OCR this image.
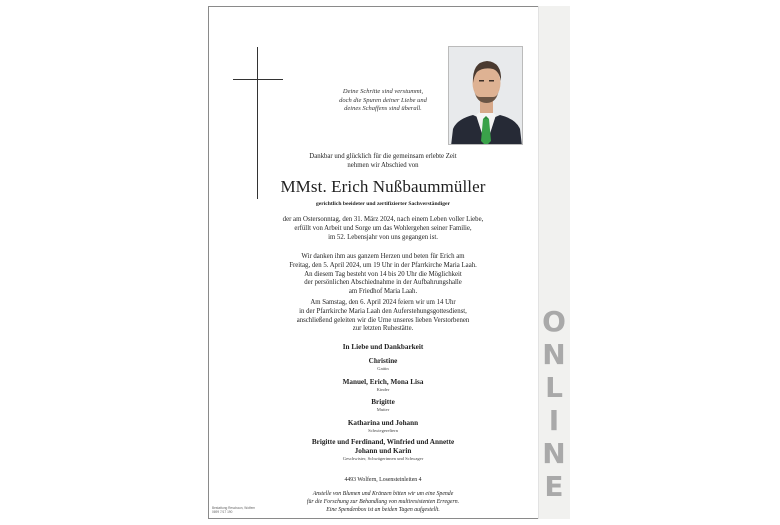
O
N
L
I
N
E
Deine Schritte sind verstummt,
doch die Spuren deiner Liebe und
deines Schaffens sind überall.
Dankbar und glücklich für die gemeinsam erlebte Zeit
nehmen wir Abschied von
MMst. Erich Nußbaummüller
gerichtlich beeideter und zertifizierter Sachverständiger
der am Ostersonntag, den 31. März 2024, nach einem Leben voller Liebe,
erfüllt von Arbeit und Sorge um das Wohlergehen seiner Familie,
im 52. Lebensjahr von uns gegangen ist.
Wir danken ihm aus ganzem Herzen und beten für Erich am
Freitag, den 5. April 2024, um 19 Uhr in der Pfarrkirche Maria Laah.
An diesem Tag besteht von 14 bis 20 Uhr die Möglichkeit
der persönlichen Abschiednahme in der Aufbahrungshalle
am Friedhof Maria Laah.
Am Samstag, den 6. April 2024 feiern wir um 14 Uhr
in der Pfarrkirche Maria Laah den Auferstehungsgottesdienst,
anschließend geleiten wir die Urne unseres lieben Verstorbenen
zur letzten Ruhestätte.
In Liebe und Dankbarkeit
Christine
Gattin
Manuel, Erich, Mona Lisa
Kinder
Brigitte
Mutter
Katharina und Johann
Schwiegereltern
Brigitte und Ferdinand, Winfried und Annette
Johann und Karin
Geschwister, Schwägerinnen und Schwager
4493 Wolfern, Losensteinleiten 4
Anstelle von Blumen und Kränzen bitten wir um eine Spende
für die Forschung zur Behandlung von multiresistenten Erregern.
Eine Spendenbox ist an beiden Tagen aufgestellt.
Bestattung Reschaun, Wolfern
0699 7/17 190
